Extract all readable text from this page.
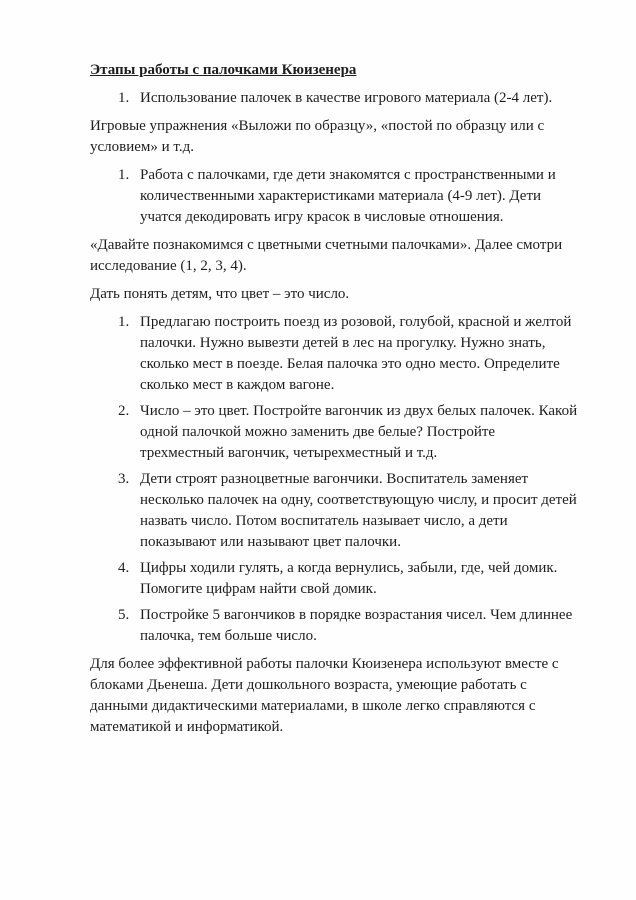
Этапы работы с палочками Кюизенера
1. Использование палочек в качестве игрового материала (2-4 лет).

Игровые упражнения «Выложи по образцу», «постой по образцу или с условием» и т.д.

1. Работа с палочками, где дети знакомятся с пространственными и количественными характеристиками материала (4-9 лет). Дети учатся декодировать игру красок в числовые отношения.

«Давайте познакомимся с цветными счетными палочками». Далее смотри исследование (1, 2, 3, 4).

Дать понять детям, что цвет – это число.

1. Предлагаю построить поезд из розовой, голубой, красной и желтой палочки. Нужно вывезти детей в лес на прогулку. Нужно знать, сколько мест в поезде. Белая палочка это одно место. Определите сколько мест в каждом вагоне.
2. Число – это цвет. Постройте вагончик из двух белых палочек. Какой одной палочкой можно заменить две белые? Постройте трехместный вагончик, четырехместный и т.д.
3. Дети строят разноцветные вагончики. Воспитатель заменяет несколько палочек на одну, соответствующую числу, и просит детей назвать число. Потом воспитатель называет число, а дети показывают или называют цвет палочки.
4. Цифры ходили гулять, а когда вернулись, забыли, где, чей домик. Помогите цифрам найти свой домик.
5. Постройке 5 вагончиков в порядке возрастания чисел. Чем длиннее палочка, тем больше число.

Для более эффективной работы палочки Кюизенера используют вместе с блоками Дьенеша. Дети дошкольного возраста, умеющие работать с данными дидактическими материалами, в школе легко справляются с математикой и информатикой.
